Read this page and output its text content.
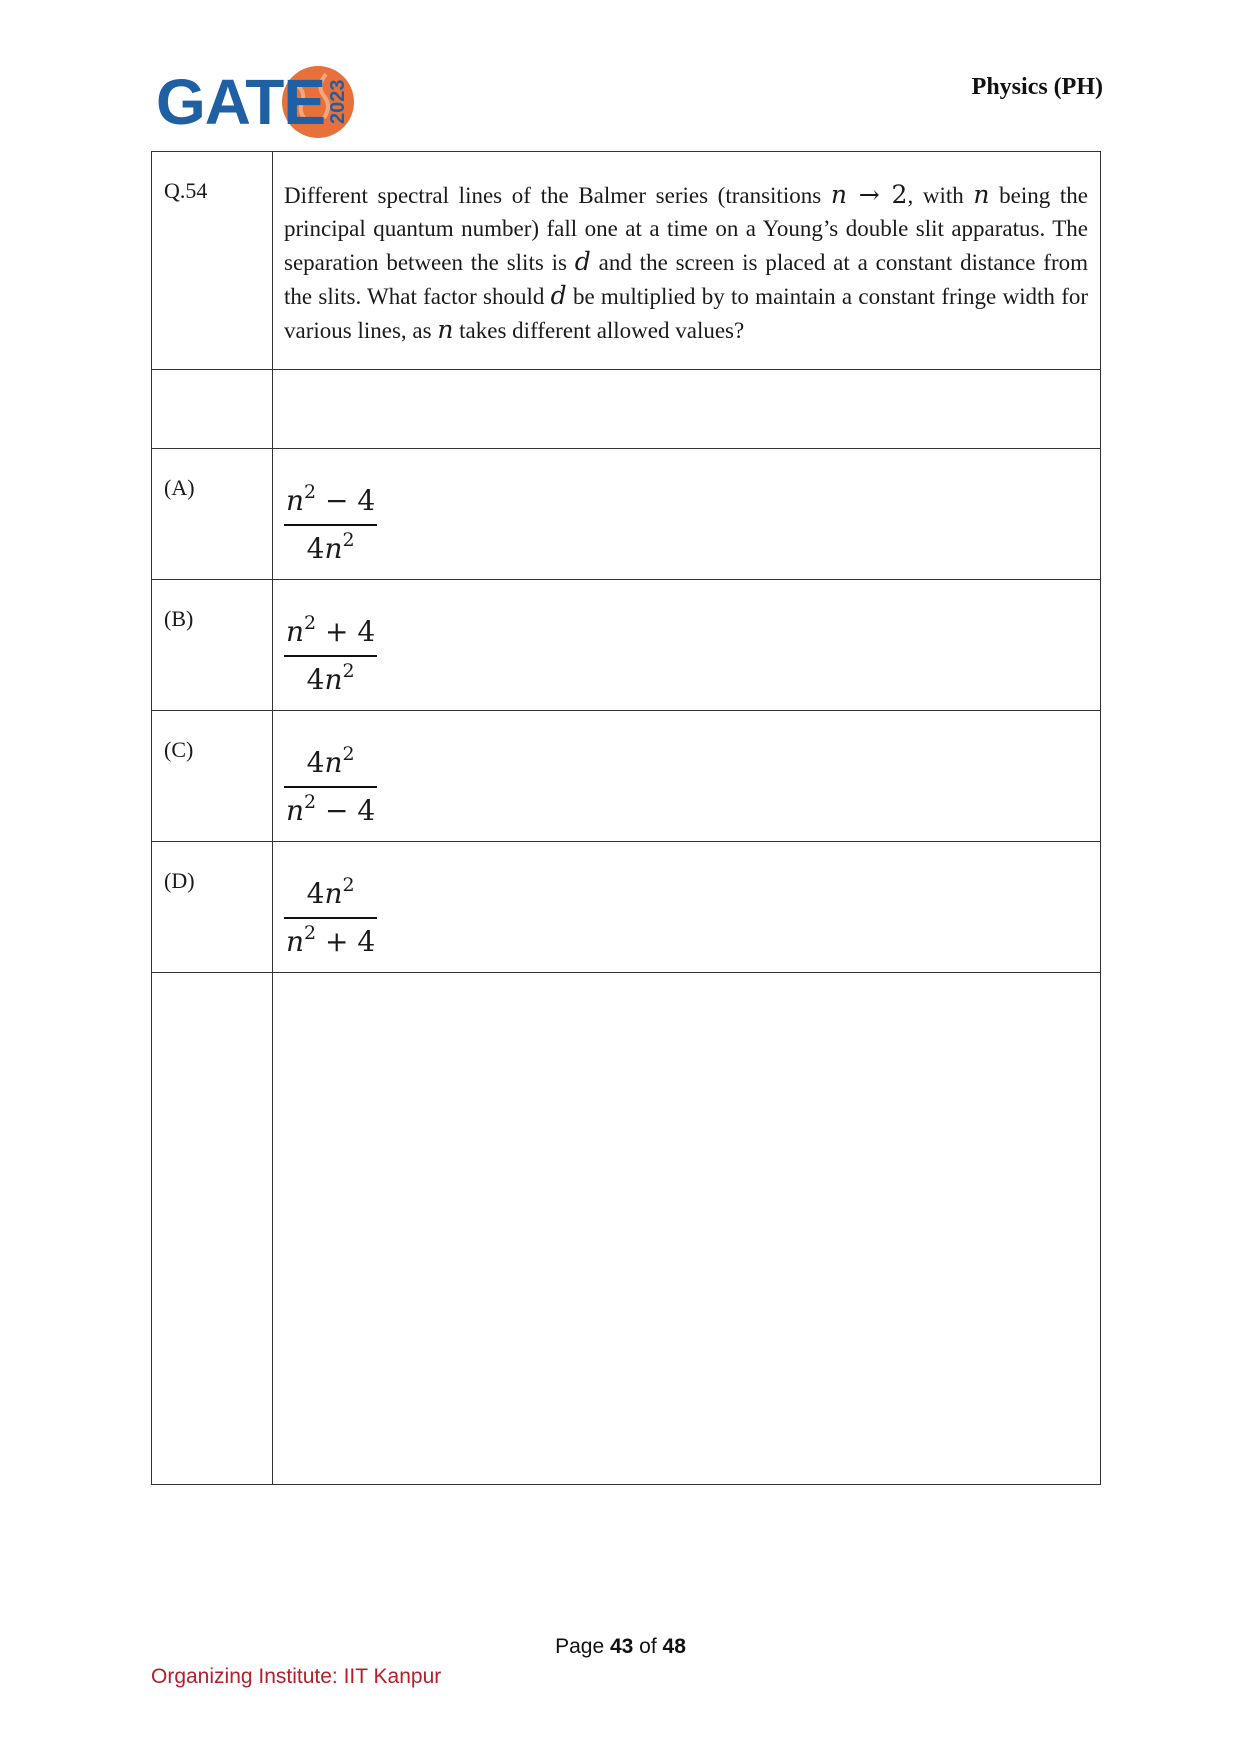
GATE 2023	Physics (PH)
Q.54	Different spectral lines of the Balmer series (transitions n → 2, with n being the principal quantum number) fall one at a time on a Young’s double slit apparatus. The separation between the slits is d and the screen is placed at a constant distance from the slits. What factor should d be multiplied by to maintain a constant fringe width for various lines, as n takes different allowed values?

(A)	$\frac{n^2 - 4}{4n^2}$

(B)	$\frac{n^2 + 4}{4n^2}$

(C)	$\frac{4n^2}{n^2 - 4}$

(D)	$\frac{4n^2}{n^2 + 4}$

Page 43 of 48
Organizing Institute: IIT Kanpur
